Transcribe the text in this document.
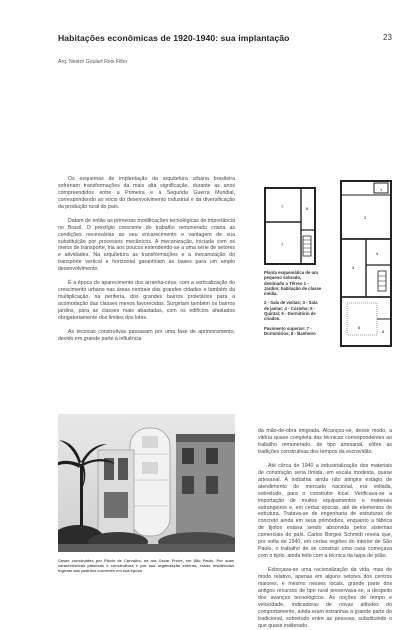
Habitações econômicas de 1920-1940: sua implantação	23
Arq. Nestor Goulart Reis Filho

Os esquemas de implantação da arquitetura urbana brasileira sofreriam transformações da mais alta significação, durante as anos compreendidos entre a Primeira e a Segunda Guerra Mundial, correspondendo ao início do desenvolvimento industrial e da diversificação da produção rural do país.

Datam de então as primeiras modificações tecnológicas de importância no Brasil. O prestígio crescente do trabalho remunerado criaria as condições necessárias ao seu encarecimento e vantagem de sua substituição por processos mecânicos. A mecanização, iniciada com os meios de transporte, iria aos poucos estendendo-se a uma série de setores e atividades. Na arquitetura as transformações e a mecanização do transporte vertical e horizontal garantiriam as bases para um amplo desenvolvimento.

É a época do aparecimento dos arranha-céus, com a verticalização do crescimento urbano nas áreas centrais das grandes cidades e também da multiplicação, na periferia, dos grandes bairros proletários para a acomodação das classes menos favorecidas. Surgiriam também os bairros jardins, para as classes mais abastadas, com os edifícios afastados obrigatoriamente dos limites dos lotes.

As técnicas construtivas passavam por uma fase de aprimoramento, devido em grande parte à influência

7
7
8
1
2
3
4
5
6
Planta esquemática de um pequeno sobrado, destinado a Têrreo 1 - Jardim; habitação de classe média.
2 - Sala de visitas; 3 - Sala de jantar; 4 - Cozinha; 5 - Quintal; 6 - Dormitório de criados.
Pavimento superior: 7 - Dormitórios; 8 - Banheiro
Casas construídas por Flávio de Carvalho, na rua Oscar Freire, em São Paulo. Por suas características plásticas e construtivas e por sua organização externa, essas residências fugiram aos padrões correntes em sua época

da mão-de-obra imigrada. Alcançou-se, desse modo, a vitória quase completa das técnicas correspondentes ao trabalho remunerado, de tipo artesanal, sôbre as tradições construtivas dos tempos da escravidão.

Até cêrca de 1940 a industrialização dos materiais de construção seria tímida, em escala modesta, quase artesanal. A indústria ainda não atingira estágio de atendimento do mercado nacional, era voltada, sobretudo, para o construtor local. Verificava-se a importação de muitos equipamentos e materiais estrangeiros e, em certas épocas, até de elementos de estrutura. Tratava-se de engenharia de estruturas de concreto ainda em seus primórdios, enquanto a fábrica de tijolos estava sendo absorvida pelos sistemas comerciais do país. Carlos Borges Schmidt revela que, por volta de 1940, em certas regiões do interior de São Paulo, o trabalho de se construir uma casa começava com o tijolo, ainda feito com a técnica da taipa de pilão.

Esboçava-se uma racionalização da vida, mas de modo relativo, apenas em alguns setores dos centros maiores, e mesmo nesses locais, grande parte dos antigos recursos de tipo rural preservava-se, a despeito dos avanços tecnológicos. As noções de tempo e velocidade, indicadoras de novas atitudes do comportamento, ainda eram estranhas a grande parte do tradicional, sobretudo entre as pessoas, substituindo o que quase inalterado.
